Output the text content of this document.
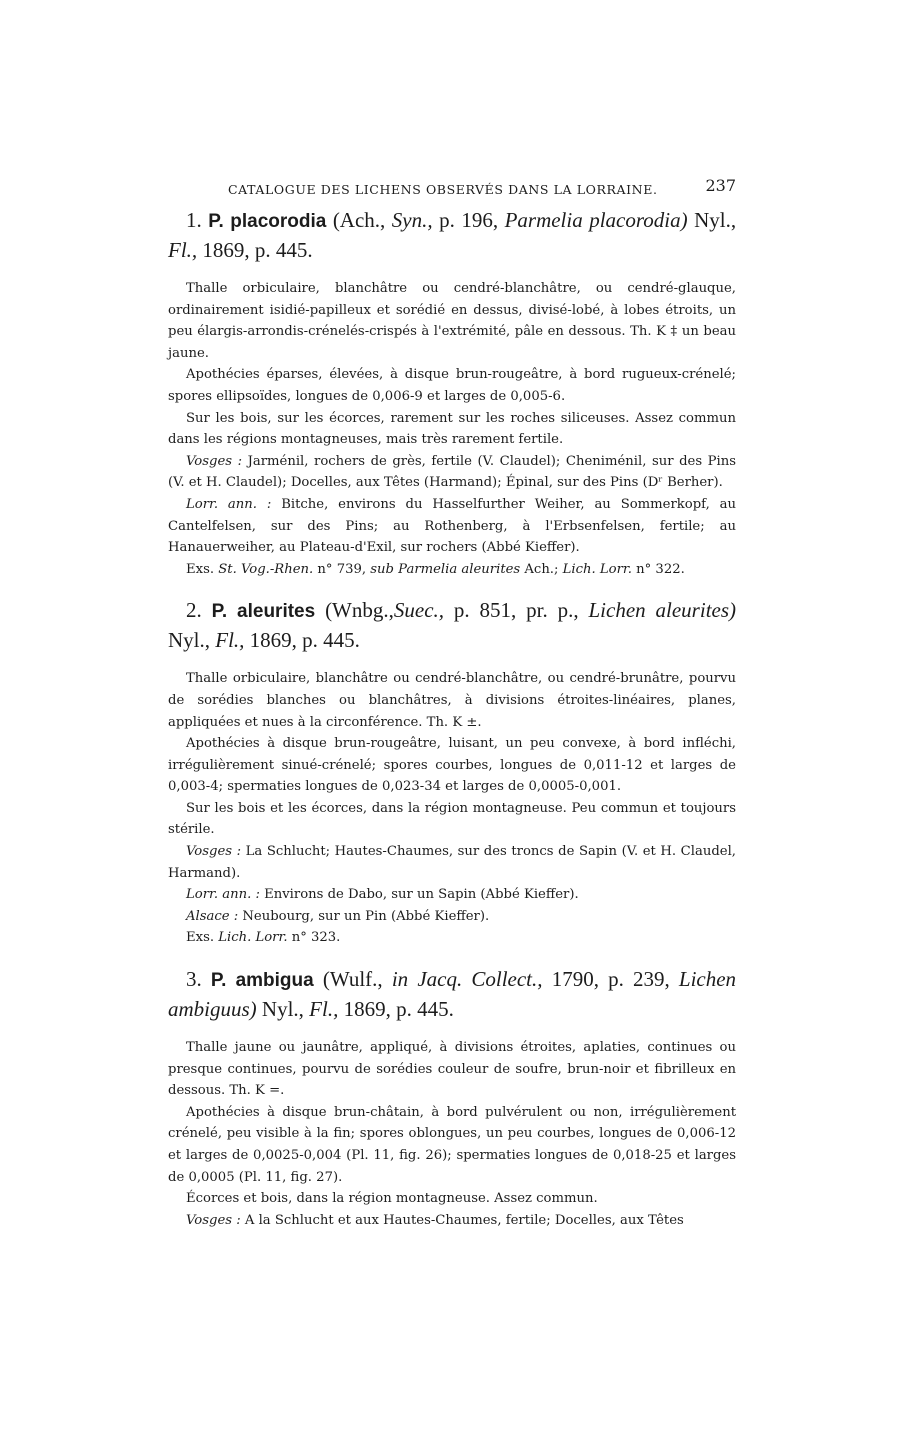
CATALOGUE DES LICHENS OBSERVÉS DANS LA LORRAINE.	237

1. P. placorodia (Ach., Syn., p. 196, Parmelia placorodia) Nyl., Fl., 1869, p. 445.

Thalle orbiculaire, blanchâtre ou cendré-blanchâtre, ou cendré-glauque, ordinairement isidié-papilleux et sorédié en dessus, divisé-lobé, à lobes étroits, un peu élargis-arrondis-crénelés-crispés à l'extrémité, pâle en dessous. Th. K ‡ un beau jaune.

Apothécies éparses, élevées, à disque brun-rougeâtre, à bord rugueux-crénelé; spores ellipsoïdes, longues de 0,006-9 et larges de 0,005-6.

Sur les bois, sur les écorces, rarement sur les roches siliceuses. Assez commun dans les régions montagneuses, mais très rarement fertile.

Vosges : Jarménil, rochers de grès, fertile (V. Claudel); Cheniménil, sur des Pins (V. et H. Claudel); Docelles, aux Têtes (Harmand); Épinal, sur des Pins (Dʳ Berher).

Lorr. ann. : Bitche, environs du Hasselfurther Weiher, au Sommerkopf, au Cantelfelsen, sur des Pins; au Rothenberg, à l'Erbsenfelsen, fertile; au Hanauerweiher, au Plateau-d'Exil, sur rochers (Abbé Kieffer).

Exs. St. Vog.-Rhen. n° 739, sub Parmelia aleurites Ach.; Lich. Lorr. n° 322.

2. P. aleurites (Wnbg.,Suec., p. 851, pr. p., Lichen aleurites) Nyl., Fl., 1869, p. 445.

Thalle orbiculaire, blanchâtre ou cendré-blanchâtre, ou cendré-brunâtre, pourvu de sorédies blanches ou blanchâtres, à divisions étroites-linéaires, planes, appliquées et nues à la circonférence. Th. K ±.

Apothécies à disque brun-rougeâtre, luisant, un peu convexe, à bord infléchi, irrégulièrement sinué-crénelé; spores courbes, longues de 0,011-12 et larges de 0,003-4; spermaties longues de 0,023-34 et larges de 0,0005-0,001.

Sur les bois et les écorces, dans la région montagneuse. Peu commun et toujours stérile.

Vosges : La Schlucht; Hautes-Chaumes, sur des troncs de Sapin (V. et H. Claudel, Harmand).

Lorr. ann. : Environs de Dabo, sur un Sapin (Abbé Kieffer).

Alsace : Neubourg, sur un Pin (Abbé Kieffer).

Exs. Lich. Lorr. n° 323.

3. P. ambigua (Wulf., in Jacq. Collect., 1790, p. 239, Lichen ambiguus) Nyl., Fl., 1869, p. 445.

Thalle jaune ou jaunâtre, appliqué, à divisions étroites, aplaties, continues ou presque continues, pourvu de sorédies couleur de soufre, brun-noir et fibrilleux en dessous. Th. K =.

Apothécies à disque brun-châtain, à bord pulvérulent ou non, irrégulièrement crénelé, peu visible à la fin; spores oblongues, un peu courbes, longues de 0,006-12 et larges de 0,0025-0,004 (Pl. 11, fig. 26); spermaties longues de 0,018-25 et larges de 0,0005 (Pl. 11, fig. 27).

Écorces et bois, dans la région montagneuse. Assez commun.

Vosges : A la Schlucht et aux Hautes-Chaumes, fertile; Docelles, aux Têtes
